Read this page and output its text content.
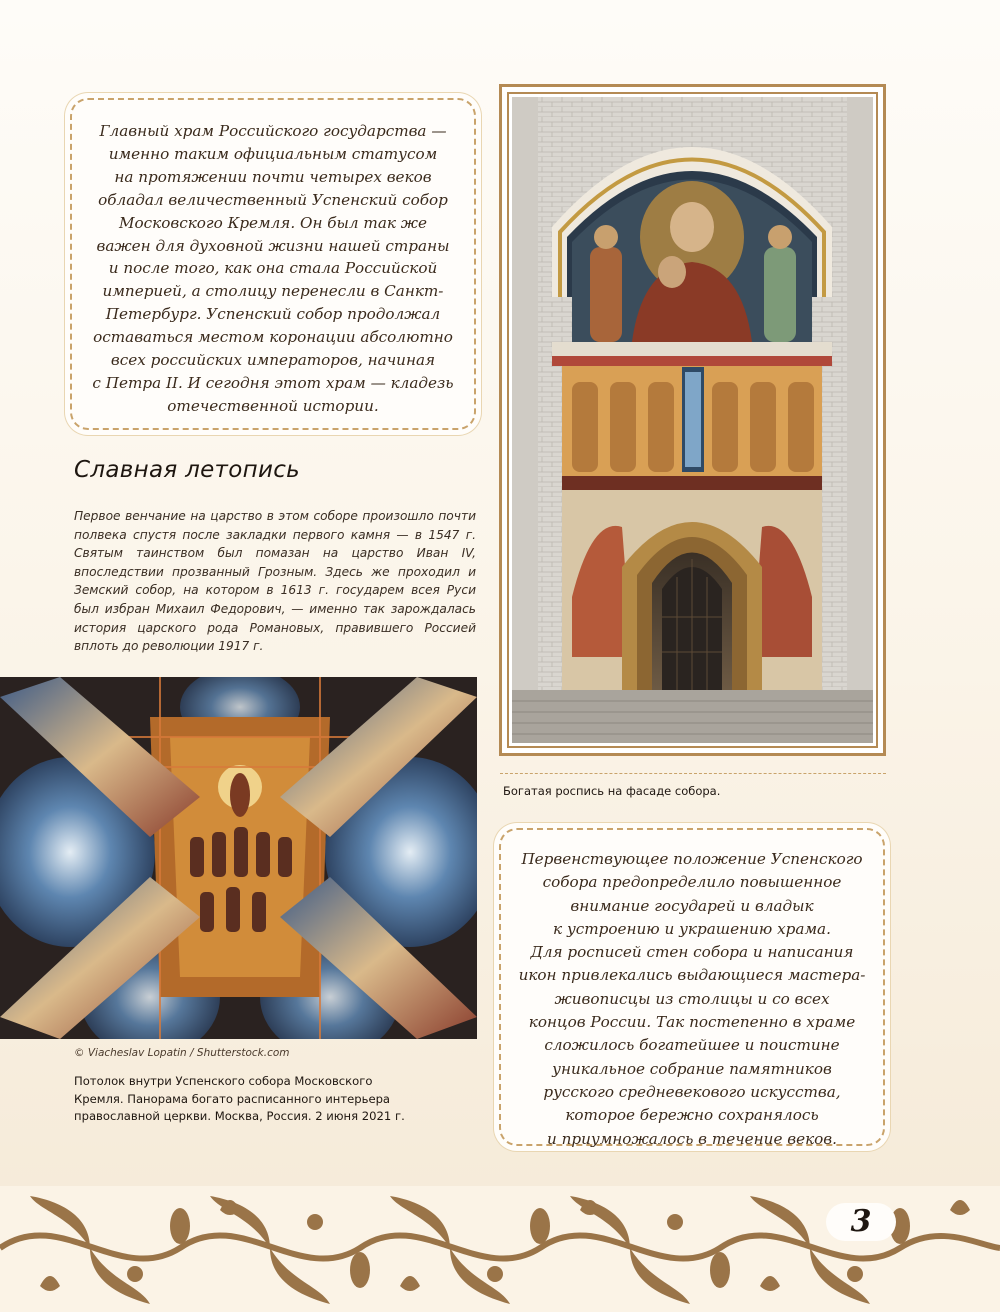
Главный храм Российского государства —
именно таким официальным статусом
на протяжении почти четырех веков
обладал величественный Успенский собор
Московского Кремля. Он был так же
важен для духовной жизни нашей страны
и после того, как она стала Российской
империей, а столицу перенесли в Санкт-
Петербург. Успенский собор продолжал
оставаться местом коронации абсолютно
всех российских императоров, начиная
с Петра II. И сегодня этот храм — кладезь
отечественной истории.

Славная летопись

Первое венчание на царство в этом соборе произошло почти полвека спустя после закладки первого камня — в 1547 г. Святым таинством был помазан на царство Иван IV, впоследствии прозванный Грозным. Здесь же проходил и Земский собор, на котором в 1613 г. государем всея Руси был избран Михаил Федорович, — именно так зарождалась история царского рода Романовых, правившего Россией вплоть до революции 1917 г.

Богатая роспись на фасаде собора.

© Viacheslav Lopatin / Shutterstock.com

Потолок внутри Успенского собора Московского
Кремля. Панорама богато расписанного интерьера
православной церкви. Москва, Россия. 2 июня 2021 г.

Первенствующее положение Успенского
собора предопределило повышенное
внимание государей и владык
к устроению и украшению храма.
Для росписей стен собора и написания
икон привлекались выдающиеся мастера-
живописцы из столицы и со всех
концов России. Так постепенно в храме
сложилось богатейшее и поистине
уникальное собрание памятников
русского средневекового искусства,
которое бережно сохранялось
и приумножалось в течение веков.

3
